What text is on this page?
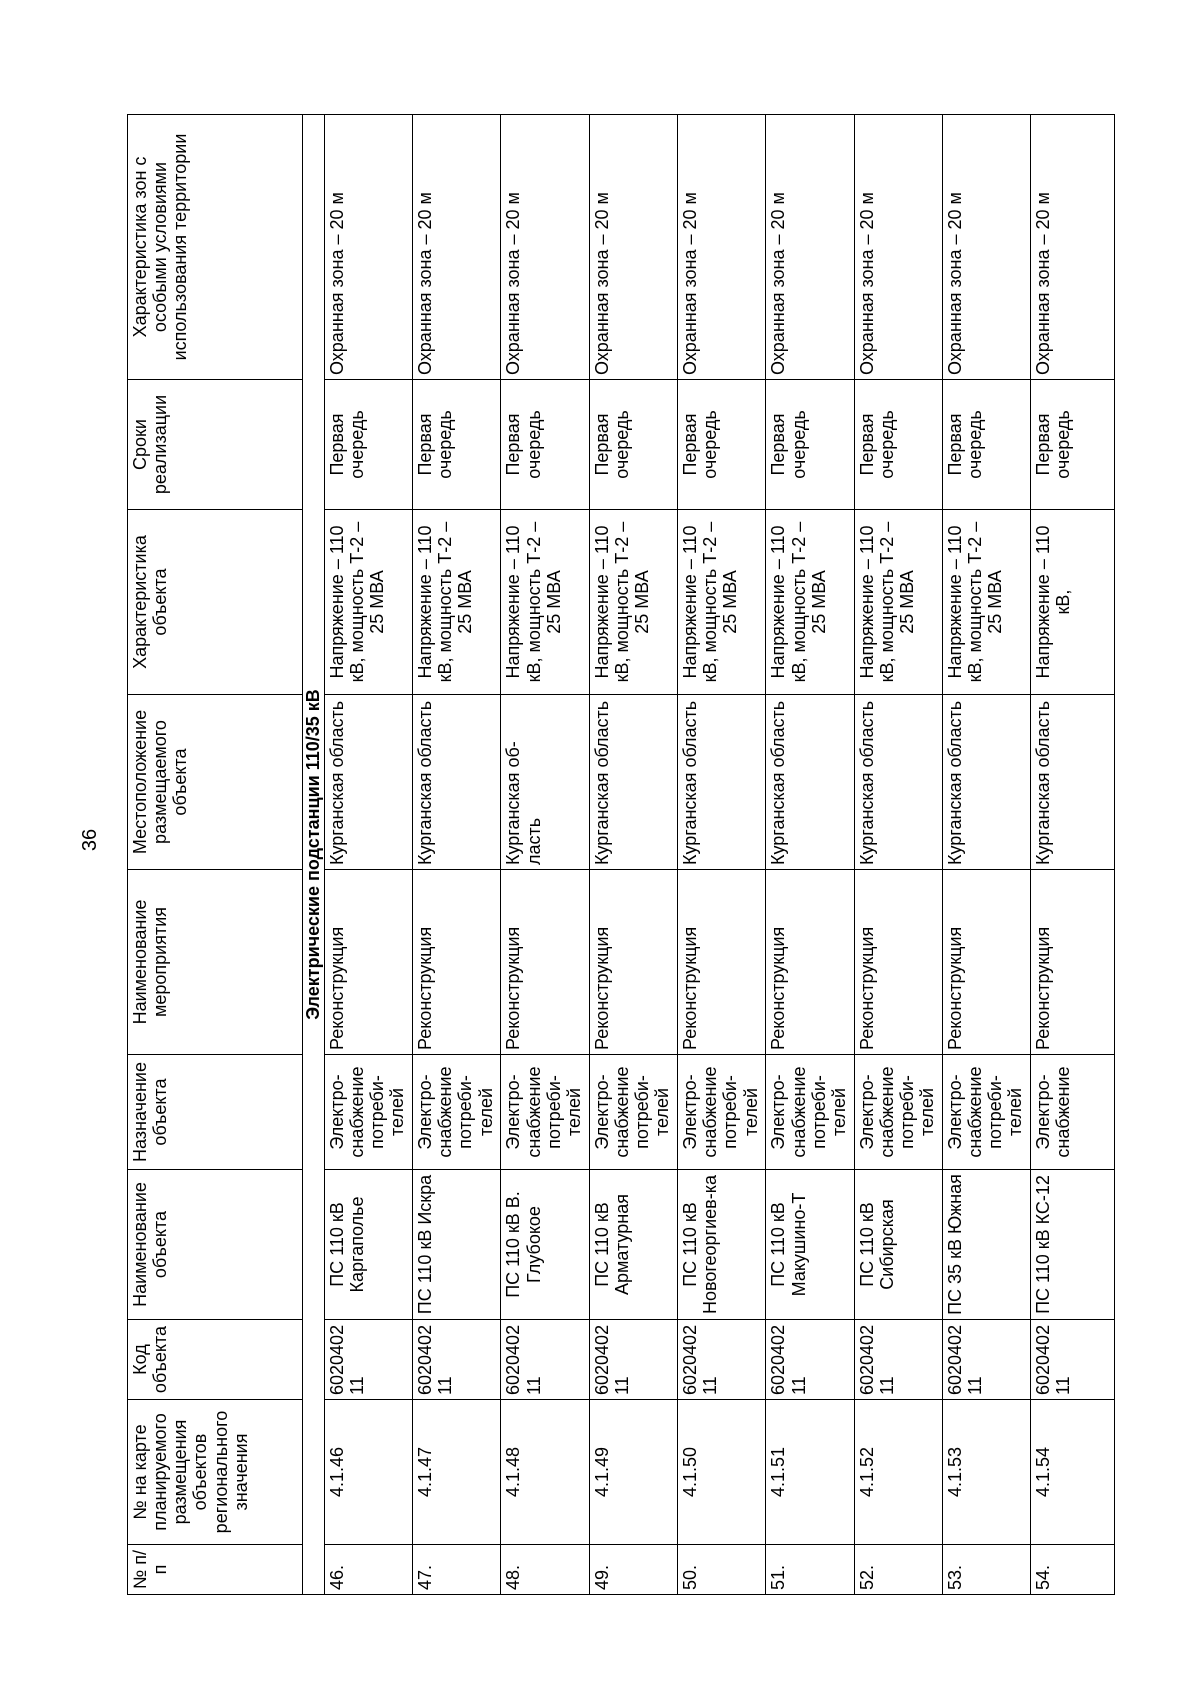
36
№ п/п	№ на карте планируемого размещения объектов регионального значения	Код объекта	Наименование объекта	Назначение объекта	Наименование мероприятия	Местоположение размещаемого объекта	Характеристика объекта	Сроки реализации	Характеристика зон с особыми условиями использования территории
Электрические подстанции 110/35 кВ									
46.	4.1.46	6020402 11	ПС 110 кВ Каргаполье	Электро-снабжение потреби-телей	Реконструкция	Курганская область	Напряжение – 110 кВ, мощность Т-2 – 25 МВА	Первая очередь	Охранная зона – 20 м
47.	4.1.47	6020402 11	ПС 110 кВ Искра	Электро-снабжение потреби-телей	Реконструкция	Курганская область	Напряжение – 110 кВ, мощность Т-2 – 25 МВА	Первая очередь	Охранная зона – 20 м
48.	4.1.48	6020402 11	ПС 110 кВ В. Глубокое	Электро-снабжение потреби-телей	Реконструкция	Курганская об-ласть	Напряжение – 110 кВ, мощность Т-2 – 25 МВА	Первая очередь	Охранная зона – 20 м
49.	4.1.49	6020402 11	ПС 110 кВ Арматурная	Электро-снабжение потреби-телей	Реконструкция	Курганская область	Напряжение – 110 кВ, мощность Т-2 – 25 МВА	Первая очередь	Охранная зона – 20 м
50.	4.1.50	6020402 11	ПС 110 кВ Новогеоргиев-ка	Электро-снабжение потреби-телей	Реконструкция	Курганская область	Напряжение – 110 кВ, мощность Т-2 – 25 МВА	Первая очередь	Охранная зона – 20 м
51.	4.1.51	6020402 11	ПС 110 кВ Макушино-Т	Электро-снабжение потреби-телей	Реконструкция	Курганская область	Напряжение – 110 кВ, мощность Т-2 – 25 МВА	Первая очередь	Охранная зона – 20 м
52.	4.1.52	6020402 11	ПС 110 кВ Сибирская	Электро-снабжение потреби-телей	Реконструкция	Курганская область	Напряжение – 110 кВ, мощность Т-2 – 25 МВА	Первая очередь	Охранная зона – 20 м
53.	4.1.53	6020402 11	ПС 35 кВ Южная	Электро-снабжение потреби-телей	Реконструкция	Курганская область	Напряжение – 110 кВ, мощность Т-2 – 25 МВА	Первая очередь	Охранная зона – 20 м
54.	4.1.54	6020402 11	ПС 110 кВ КС-12	Электро-снабжение	Реконструкция	Курганская область	Напряжение – 110 кВ,	Первая очередь	Охранная зона – 20 м
